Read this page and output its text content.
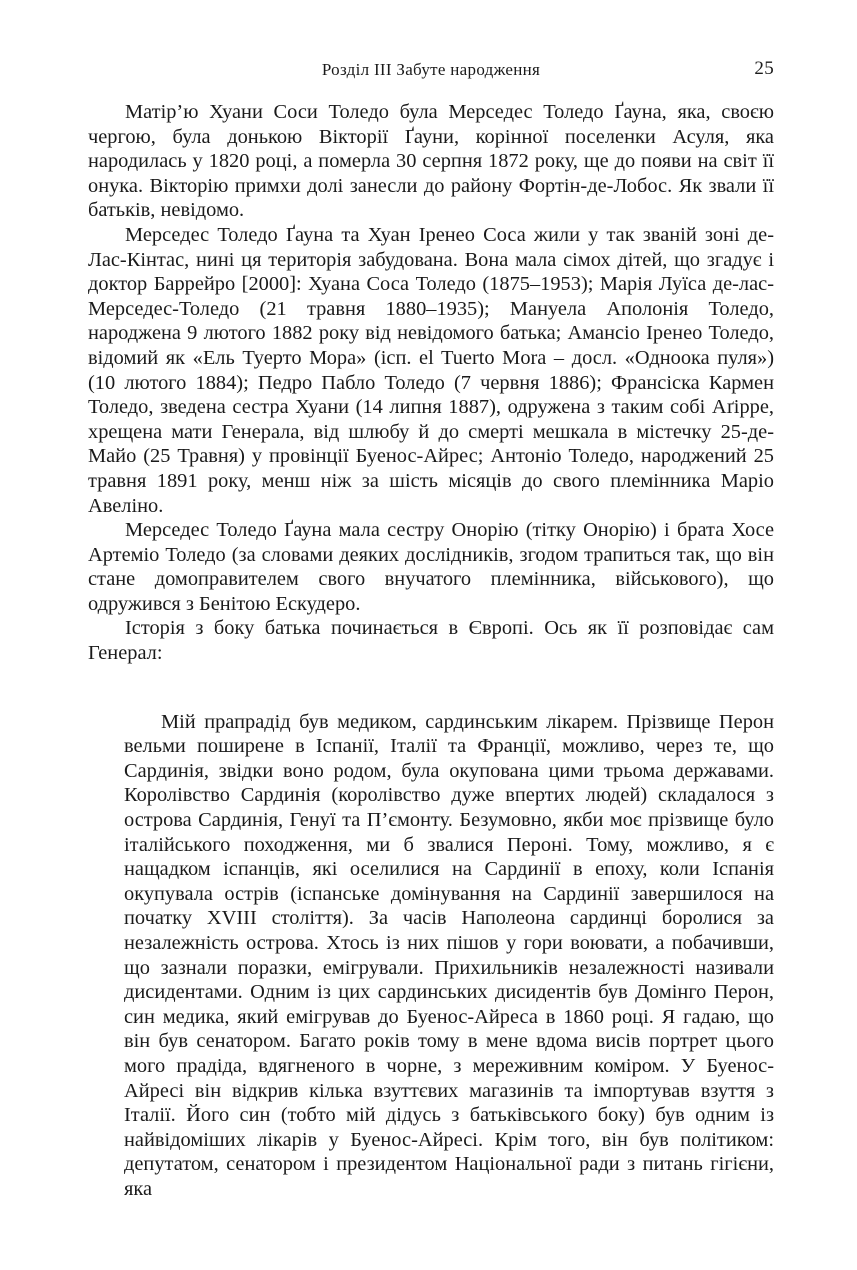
Розділ III Забуте народження	25

Матір’ю Хуани Соси Толедо була Мерседес Толедо Ґауна, яка, своєю чергою, була донькою Вікторії Ґауни, корінної поселенки Асуля, яка народилась у 1820 році, а померла 30 серпня 1872 року, ще до появи на світ її онука. Вікторію примхи долі занесли до району Фортін-де-Лобос. Як звали її батьків, невідомо.

Мерседес Толедо Ґауна та Хуан Іренео Соса жили у так званій зоні де-Лас-Кінтас, нині ця територія забудована. Вона мала сімох дітей, що згадує і доктор Баррейро [2000]: Хуана Соса Толедо (1875–1953); Марія Луїса де-лас-Мерседес-Толедо (21 травня 1880–1935); Мануела Аполонія Толедо, народжена 9 лютого 1882 року від невідомого батька; Амансіо Іренео Толедо, відомий як «Ель Туерто Мора» (ісп. el Tuerto Mora – досл. «Одноока пуля») (10 лютого 1884); Педро Пабло Толедо (7 червня 1886); Франсіска Кармен Толедо, зведена сестра Хуани (14 липня 1887), одружена з таким собі Аґірре, хрещена мати Генерала, від шлюбу й до смерті мешкала в містечку 25-де-Майо (25 Травня) у провінції Буенос-Айрес; Антоніо Толедо, народжений 25 травня 1891 року, менш ніж за шість місяців до свого племінника Маріо Авеліно.

Мерседес Толедо Ґауна мала сестру Онорію (тітку Онорію) і брата Хосе Артеміо Толедо (за словами деяких дослідників, згодом трапиться так, що він стане домоправителем свого внучатого племінника, військового), що одружився з Бенітою Ескудеро.

Історія з боку батька починається в Європі. Ось як її розповідає сам Генерал:

Мій прапрадід був медиком, сардинським лікарем. Прізвище Перон вельми поширене в Іспанії, Італії та Франції, можливо, через те, що Сардинія, звідки воно родом, була окупована цими трьома державами. Королівство Сардинія (королівство дуже впертих людей) складалося з острова Сардинія, Генуї та П’ємонту. Безумовно, якби моє прізвище було італійського походження, ми б звалися Пероні. Тому, можливо, я є нащадком іспанців, які оселилися на Сардинії в епоху, коли Іспанія окупувала острів (іспанське домінування на Сардинії завершилося на початку XVIII століття). За часів Наполеона сардинці боролися за незалежність острова. Хтось із них пішов у гори воювати, а побачивши, що зазнали поразки, емігрували. Прихильників незалежності називали дисидентами. Одним із цих сардинських дисидентів був Домінго Перон, син медика, який емігрував до Буенос-Айреса в 1860 році. Я гадаю, що він був сенатором. Багато років тому в мене вдома висів портрет цього мого прадіда, вдягненого в чорне, з мереживним коміром. У Буенос-Айресі він відкрив кілька взуттєвих магазинів та імпортував взуття з Італії. Його син (тобто мій дідусь з батьківського боку) був одним із найвідоміших лікарів у Буенос-Айресі. Крім того, він був політиком: депутатом, сенатором і президентом Національної ради з питань гігієни, яка
